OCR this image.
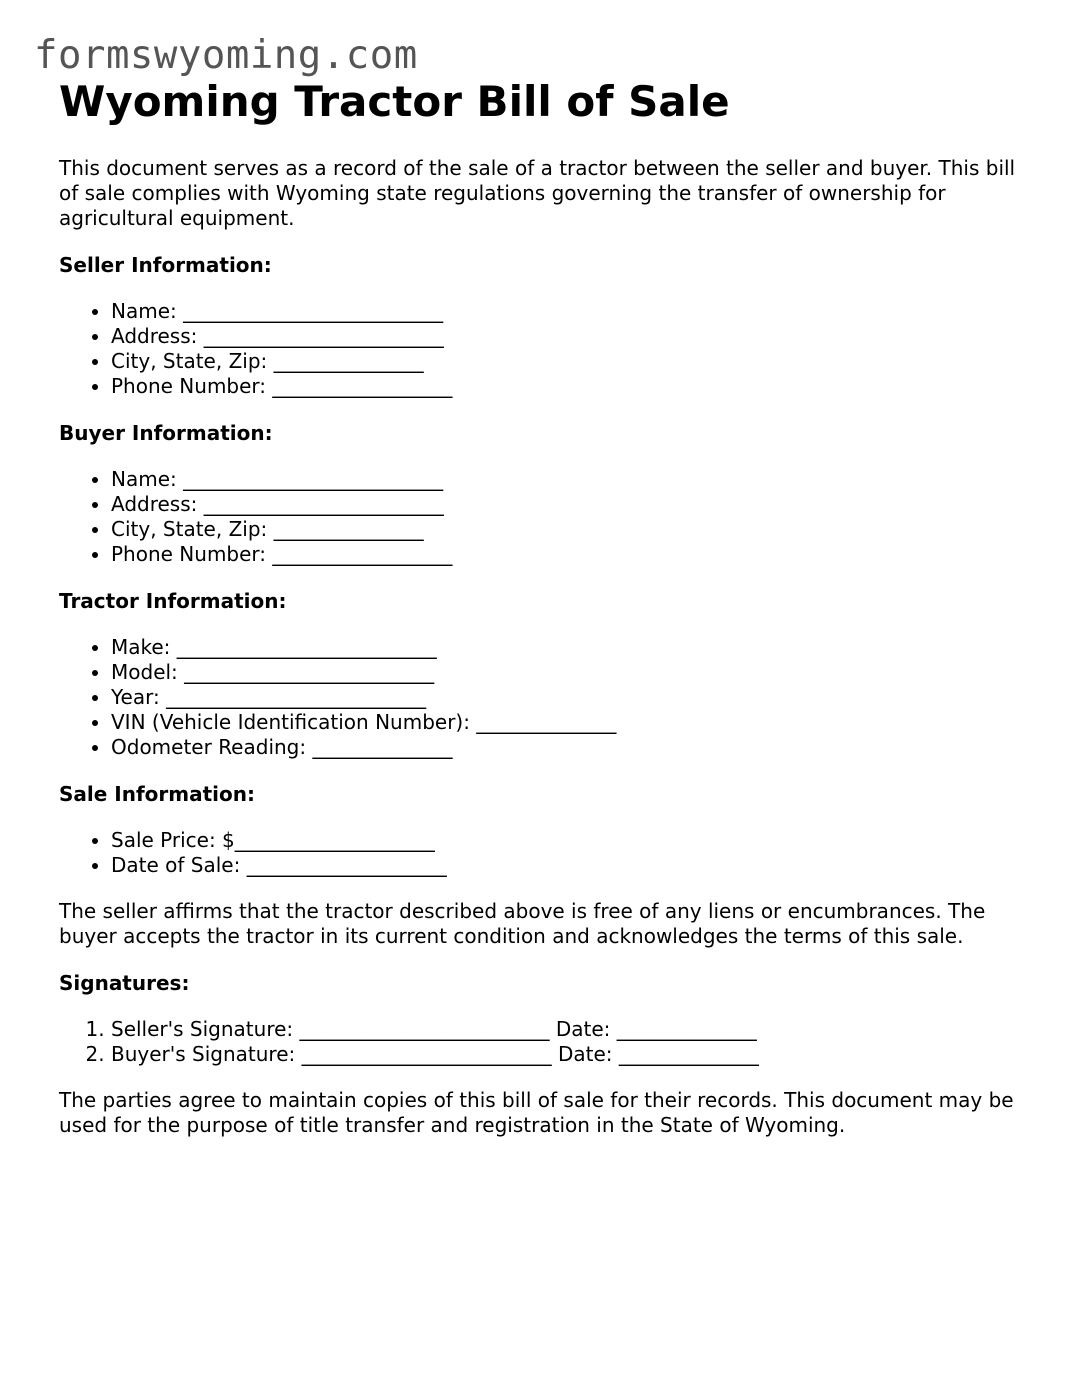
formswyoming.com
Wyoming Tractor Bill of Sale

This document serves as a record of the sale of a tractor between the seller and buyer. This bill of sale complies with Wyoming state regulations governing the transfer of ownership for agricultural equipment.

Seller Information:
• Name: __________________________
• Address: ________________________
• City, State, Zip: _______________
• Phone Number: __________________
Buyer Information:
• Name: __________________________
• Address: ________________________
• City, State, Zip: _______________
• Phone Number: __________________
Tractor Information:
• Make: __________________________
• Model: _________________________
• Year: __________________________
• VIN (Vehicle Identification Number): ______________
• Odometer Reading: ______________
Sale Information:
• Sale Price: $____________________
• Date of Sale: ____________________

The seller affirms that the tractor described above is free of any liens or encumbrances. The buyer accepts the tractor in its current condition and acknowledges the terms of this sale.

Signatures:
1. Seller's Signature: _________________________ Date: ______________
2. Buyer's Signature: _________________________ Date: ______________

The parties agree to maintain copies of this bill of sale for their records. This document may be used for the purpose of title transfer and registration in the State of Wyoming.
